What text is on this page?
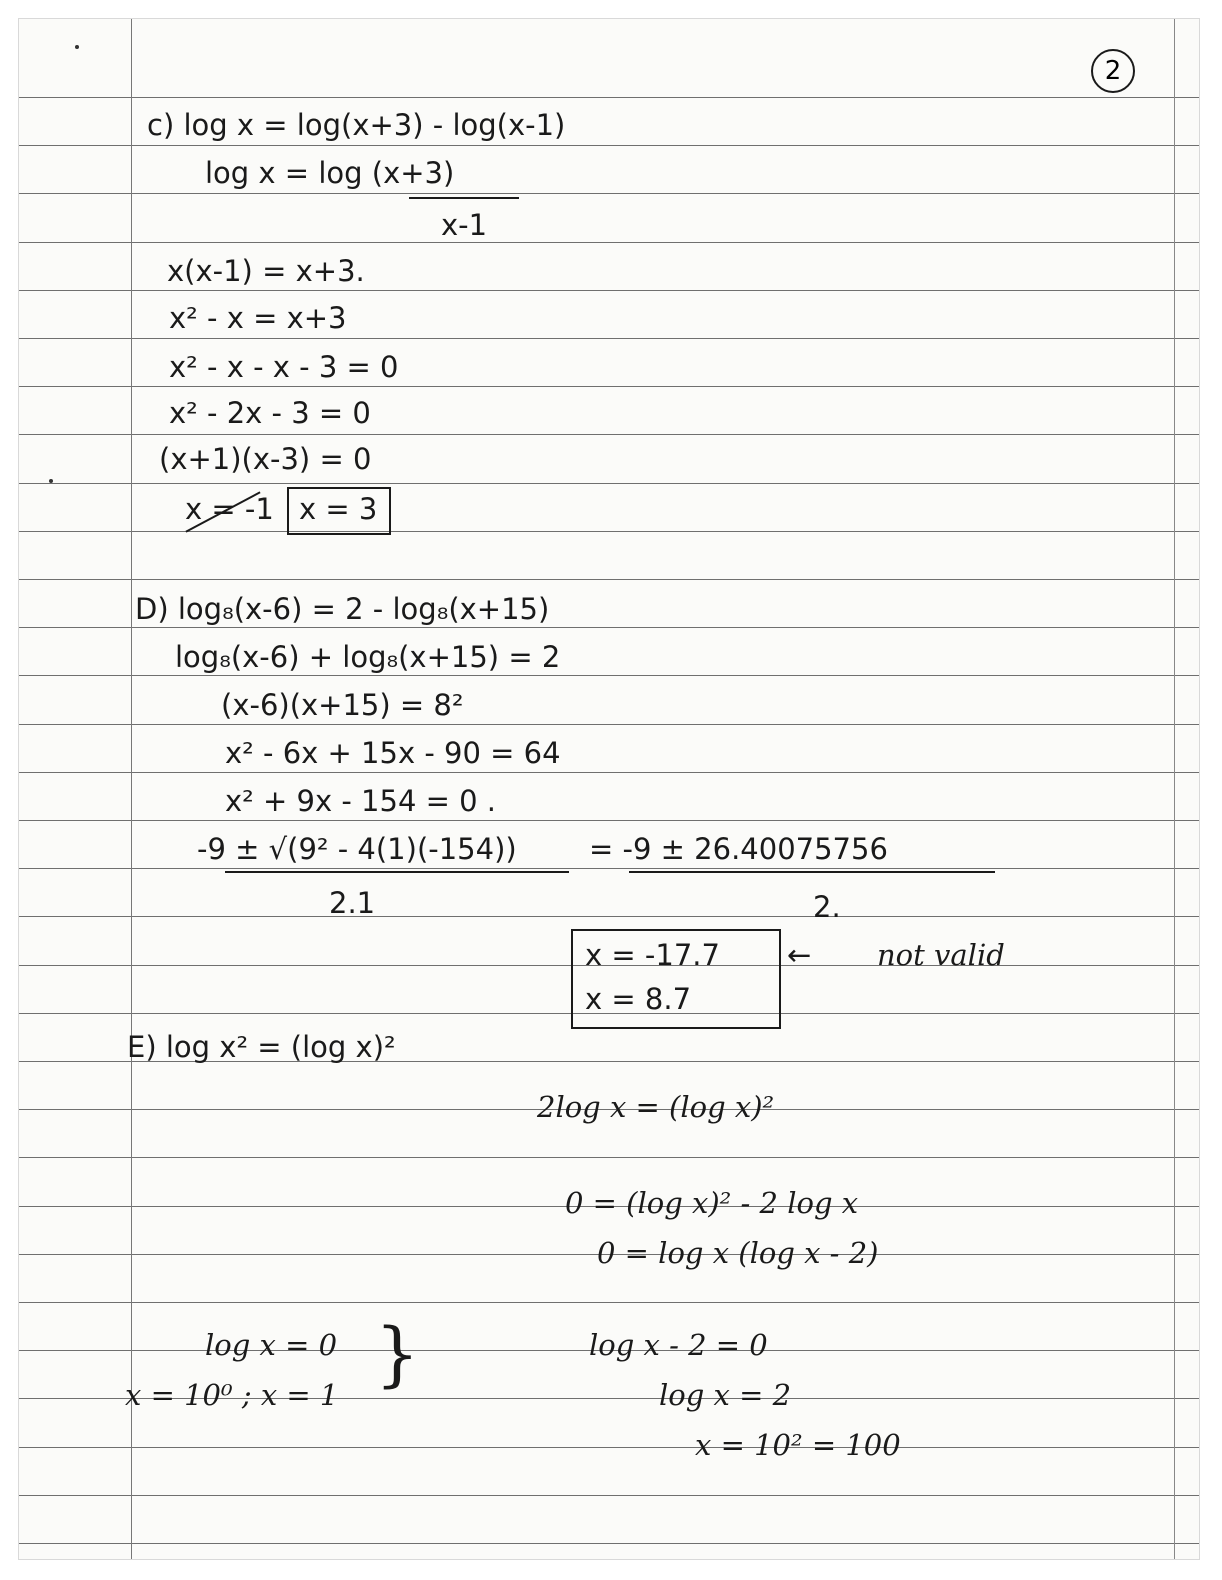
2
c) log x = log(x+3) - log(x-1)
log x = log (x+3)
x-1
x(x-1) = x+3.
x² - x = x+3
x² - x - x - 3 = 0
x² - 2x - 3 = 0
(x+1)(x-3) = 0
x = -1 x = 3
D) log₈(x-6) = 2 - log₈(x+15)
log₈(x-6) + log₈(x+15) = 2
(x-6)(x+15) = 8²
x² - 6x + 15x - 90 = 64
x² + 9x - 154 = 0 .
-9 ± √(9² - 4(1)(-154))
2.1
= -9 ± 26.40075756
2.
x = -17.7
x = 8.7
← not valid
E) log x² = (log x)²
2log x = (log x)²
0 = (log x)² - 2 log x
0 = log x (log x - 2)
log x = 0
x = 10⁰ ; x = 1 }	log x - 2 = 0
log x = 2
x = 10² = 100
